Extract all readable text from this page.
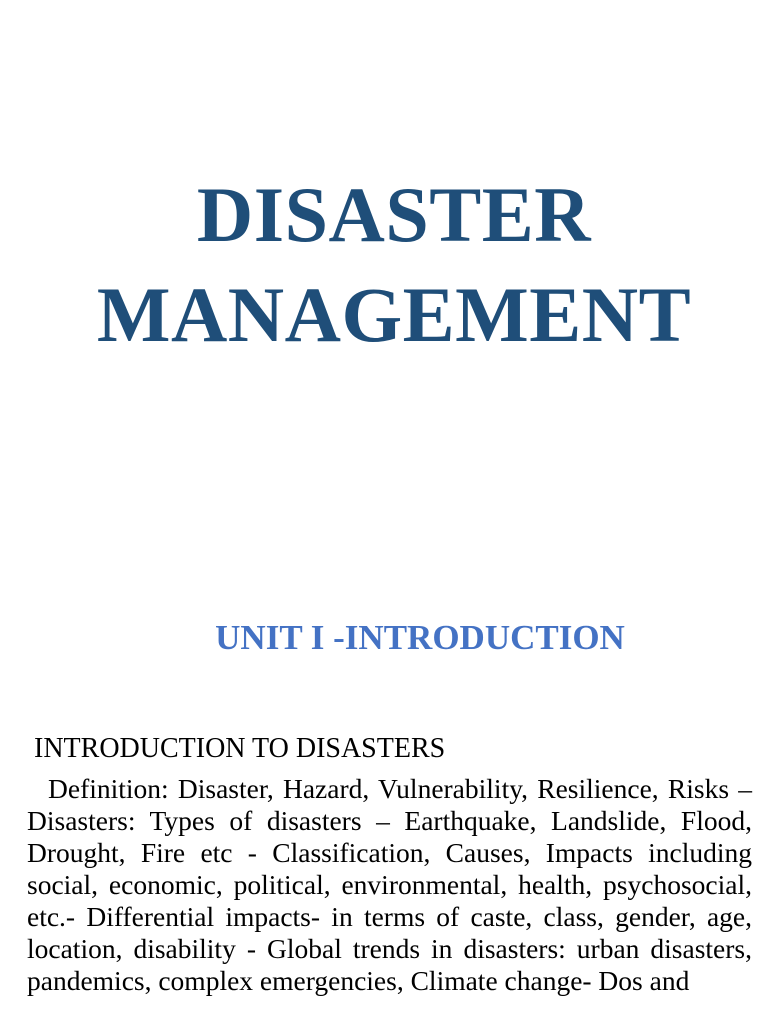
DISASTER
MANAGEMENT
UNIT I -INTRODUCTION
INTRODUCTION TO DISASTERS

Definition: Disaster, Hazard, Vulnerability, Resilience, Risks – Disasters: Types of disasters – Earthquake, Landslide, Flood, Drought, Fire etc - Classification, Causes, Impacts including social, economic, political, environmental, health, psychosocial, etc.- Differential impacts- in terms of caste, class, gender, age, location, disability - Global trends in disasters: urban disasters, pandemics, complex emergencies, Climate change- Dos and
